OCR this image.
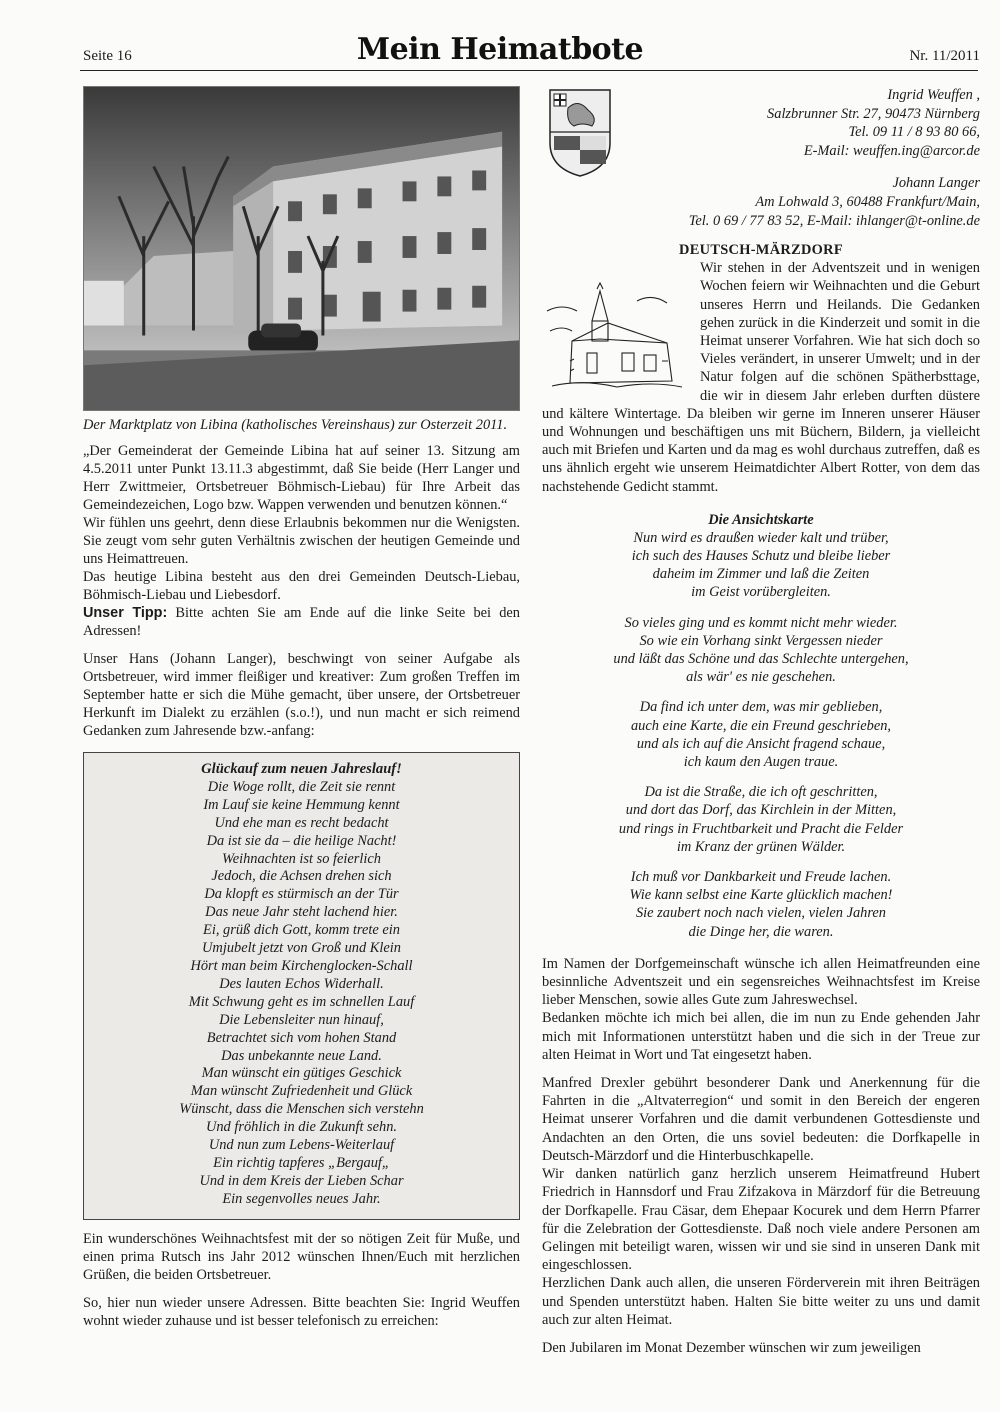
Seite 16	Mein Heimatbote	Nr. 11/2011
Der Marktplatz von Libina (katholisches Vereinshaus) zur Osterzeit 2011.

„Der Gemeinderat der Gemeinde Libina hat auf seiner 13. Sitzung am 4.5.2011 unter Punkt 13.11.3 abgestimmt, daß Sie beide (Herr Langer und Herr Zwittmeier, Ortsbetreuer Böhmisch-Liebau) für Ihre Arbeit das Gemeindezeichen, Logo bzw. Wappen verwenden und benutzen können.“

Wir fühlen uns geehrt, denn diese Erlaubnis bekommen nur die Wenigsten. Sie zeugt vom sehr guten Verhältnis zwischen der heutigen Gemeinde und uns Heimattreuen.

Das heutige Libina besteht aus den drei Gemeinden Deutsch-Liebau, Böhmisch-Liebau und Liebesdorf.

Unser Tipp: Bitte achten Sie am Ende auf die linke Seite bei den Adressen!

Unser Hans (Johann Langer), beschwingt von seiner Aufgabe als Ortsbetreuer, wird immer fleißiger und kreativer: Zum großen Treffen im September hatte er sich die Mühe gemacht, über unsere, der Ortsbetreuer Herkunft im Dialekt zu erzählen (s.o.!), und nun macht er sich reimend Gedanken zum Jahresende bzw.-anfang:

Glückauf zum neuen Jahreslauf!
Die Woge rollt, die Zeit sie rennt
Im Lauf sie keine Hemmung kennt
Und ehe man es recht bedacht
Da ist sie da – die heilige Nacht!
Weihnachten ist so feierlich
Jedoch, die Achsen drehen sich
Da klopft es stürmisch an der Tür
Das neue Jahr steht lachend hier.
Ei, grüß dich Gott, komm trete ein
Umjubelt jetzt von Groß und Klein
Hört man beim Kirchenglocken-Schall
Des lauten Echos Widerhall.
Mit Schwung geht es im schnellen Lauf
Die Lebensleiter nun hinauf,
Betrachtet sich vom hohen Stand
Das unbekannte neue Land.
Man wünscht ein gütiges Geschick
Man wünscht Zufriedenheit und Glück
Wünscht, dass die Menschen sich verstehn
Und fröhlich in die Zukunft sehn.
Und nun zum Lebens-Weiterlauf
Ein richtig tapferes „Bergauf„
Und in dem Kreis der Lieben Schar
Ein segenvolles neues Jahr.

Ein wunderschönes Weihnachtsfest mit der so nötigen Zeit für Muße, und einen prima Rutsch ins Jahr 2012 wünschen Ihnen/Euch mit herzlichen Grüßen, die beiden Ortsbetreuer.

So, hier nun wieder unsere Adressen. Bitte beachten Sie: Ingrid Weuffen wohnt wieder zuhause und ist besser telefonisch zu erreichen:

Ingrid Weuffen ,
Salzbrunner Str. 27, 90473 Nürnberg
Tel. 09 11 / 8 93 80 66,
E-Mail: weuffen.ing@arcor.de
Johann Langer
Am Lohwald 3, 60488 Frankfurt/Main,
Tel. 0 69 / 77 83 52, E-Mail: ihlanger@t-online.de
DEUTSCH-MÄRZDORF

Wir stehen in der Adventszeit und in wenigen Wochen feiern wir Weihnachten und die Geburt unseres Herrn und Heilands. Die Gedanken gehen zurück in die Kinderzeit und somit in die Heimat unserer Vorfahren. Wie hat sich doch so Vieles verändert, in unserer Umwelt; und in der Natur folgen auf die schönen Spätherbsttage, die wir in diesem Jahr erleben durften düstere und kältere Wintertage. Da bleiben wir gerne im Inneren unserer Häuser und Wohnungen und beschäftigen uns mit Büchern, Bildern, ja vielleicht auch mit Briefen und Karten und da mag es wohl durchaus zutreffen, daß es uns ähnlich ergeht wie unserem Heimatdichter Albert Rotter, von dem das nachstehende Gedicht stammt.

Die Ansichtskarte
Nun wird es draußen wieder kalt und trüber,
ich such des Hauses Schutz und bleibe lieber
daheim im Zimmer und laß die Zeiten
im Geist vorübergleiten.
So vieles ging und es kommt nicht mehr wieder.
So wie ein Vorhang sinkt Vergessen nieder
und läßt das Schöne und das Schlechte untergehen,
als wär' es nie geschehen.
Da find ich unter dem, was mir geblieben,
auch eine Karte, die ein Freund geschrieben,
und als ich auf die Ansicht fragend schaue,
ich kaum den Augen traue.
Da ist die Straße, die ich oft geschritten,
und dort das Dorf, das Kirchlein in der Mitten,
und rings in Fruchtbarkeit und Pracht die Felder
im Kranz der grünen Wälder.
Ich muß vor Dankbarkeit und Freude lachen.
Wie kann selbst eine Karte glücklich machen!
Sie zaubert noch nach vielen, vielen Jahren
die Dinge her, die waren.

Im Namen der Dorfgemeinschaft wünsche ich allen Heimatfreunden eine besinnliche Adventszeit und ein segensreiches Weihnachtsfest im Kreise lieber Menschen, sowie alles Gute zum Jahreswechsel.

Bedanken möchte ich mich bei allen, die im nun zu Ende gehenden Jahr mich mit Informationen unterstützt haben und die sich in der Treue zur alten Heimat in Wort und Tat eingesetzt haben.

Manfred Drexler gebührt besonderer Dank und Anerkennung für die Fahrten in die „Altvaterregion“ und somit in den Bereich der engeren Heimat unserer Vorfahren und die damit verbundenen Gottesdienste und Andachten an den Orten, die uns soviel bedeuten: die Dorfkapelle in Deutsch-Märzdorf und die Hinterbuschkapelle.

Wir danken natürlich ganz herzlich unserem Heimatfreund Hubert Friedrich in Hannsdorf und Frau Zifzakova in Märzdorf für die Betreuung der Dorfkapelle. Frau Cäsar, dem Ehepaar Kocurek und dem Herrn Pfarrer für die Zelebration der Gottesdienste. Daß noch viele andere Personen am Gelingen mit beteiligt waren, wissen wir und sie sind in unseren Dank mit eingeschlossen.

Herzlichen Dank auch allen, die unseren Förderverein mit ihren Beiträgen und Spenden unterstützt haben. Halten Sie bitte weiter zu uns und damit auch zur alten Heimat.

Den Jubilaren im Monat Dezember wünschen wir zum jeweiligen
